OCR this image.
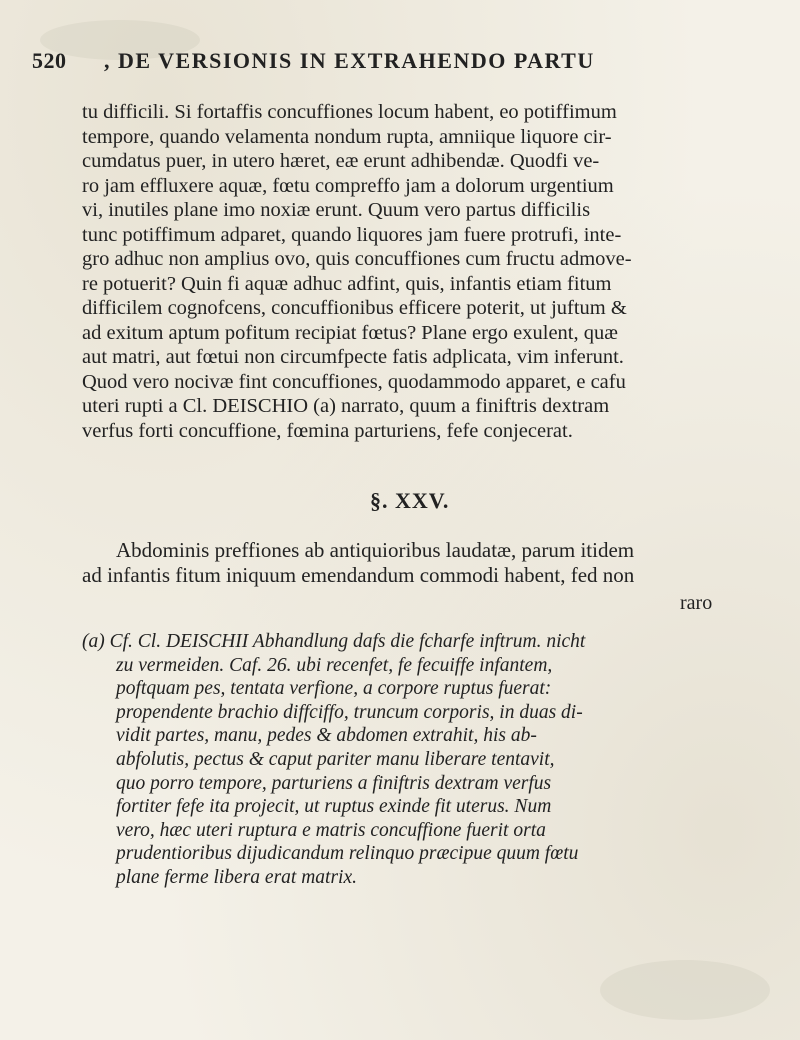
520 , DE VERSIONIS IN EXTRAHENDO PARTU
tu difficili. Si fortaffis concuffiones locum habent, eo potiffimum
tempore, quando velamenta nondum rupta, amniique liquore cir-
cumdatus puer, in utero hæret, eæ erunt adhibendæ. Quodfi ve-
ro jam effluxere aquæ, fœtu compreffo jam a dolorum urgentium
vi, inutiles plane imo noxiæ erunt. Quum vero partus difficilis
tunc potiffimum adparet, quando liquores jam fuere protrufi, inte-
gro adhuc non amplius ovo, quis concuffiones cum fructu admove-
re potuerit? Quin fi aquæ adhuc adfint, quis, infantis etiam fitum
difficilem cognofcens, concuffionibus efficere poterit, ut juftum &
ad exitum aptum pofitum recipiat fœtus? Plane ergo exulent, quæ
aut matri, aut fœtui non circumfpecte fatis adplicata, vim inferunt.
Quod vero nocivæ fint concuffiones, quodammodo apparet, e cafu
uteri rupti a Cl. DEISCHIO (a) narrato, quum a finiftris dextram
verfus forti concuffione, fœmina parturiens, fefe conjecerat.
§. XXV.
Abdominis preffiones ab antiquioribus laudatæ, parum itidem
ad infantis fitum iniquum emendandum commodi habent, fed non
raro
(a) Cf. Cl. DEISCHII Abhandlung dafs die fcharfe inftrum. nicht
zu vermeiden. Caf. 26. ubi recenfet, fe fecuiffe infantem,
poftquam pes, tentata verfione, a corpore ruptus fuerat:
propendente brachio diffciffo, truncum corporis, in duas di-
vidit partes, manu, pedes & abdomen extrahit, his ab-
abfolutis, pectus & caput pariter manu liberare tentavit,
quo porro tempore, parturiens a finiftris dextram verfus
fortiter fefe ita projecit, ut ruptus exinde fit uterus. Num
vero, hæc uteri ruptura e matris concuffione fuerit orta
prudentioribus dijudicandum relinquo præcipue quum fœtu
plane ferme libera erat matrix.
